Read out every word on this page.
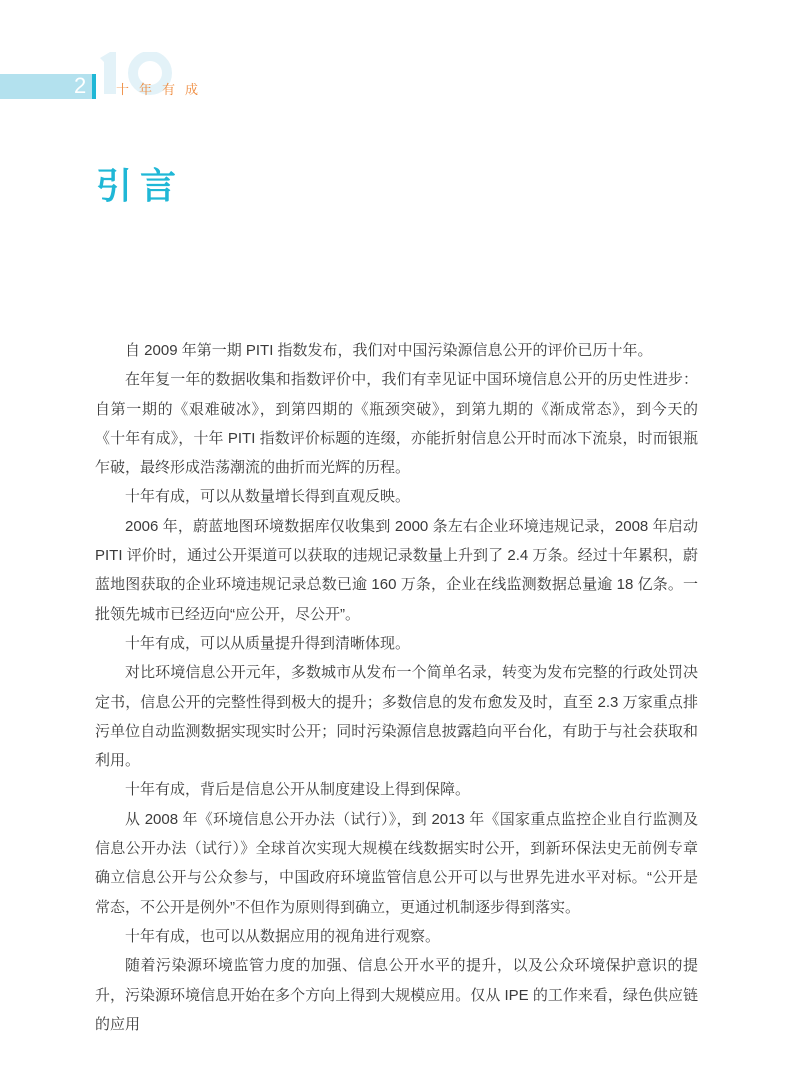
2 十年有成
引言

自 2009 年第一期 PITI 指数发布，我们对中国污染源信息公开的评价已历十年。

在年复一年的数据收集和指数评价中，我们有幸见证中国环境信息公开的历史性进步：自第一期的《艰难破冰》，到第四期的《瓶颈突破》，到第九期的《渐成常态》，到今天的《十年有成》，十年 PITI 指数评价标题的连缀，亦能折射信息公开时而冰下流泉，时而银瓶乍破，最终形成浩荡潮流的曲折而光辉的历程。

十年有成，可以从数量增长得到直观反映。

2006 年，蔚蓝地图环境数据库仅收集到 2000 条左右企业环境违规记录，2008 年启动 PITI 评价时，通过公开渠道可以获取的违规记录数量上升到了 2.4 万条。经过十年累积，蔚蓝地图获取的企业环境违规记录总数已逾 160 万条，企业在线监测数据总量逾 18 亿条。一批领先城市已经迈向“应公开，尽公开”。

十年有成，可以从质量提升得到清晰体现。

对比环境信息公开元年，多数城市从发布一个简单名录，转变为发布完整的行政处罚决定书，信息公开的完整性得到极大的提升；多数信息的发布愈发及时，直至 2.3 万家重点排污单位自动监测数据实现实时公开；同时污染源信息披露趋向平台化，有助于与社会获取和利用。

十年有成，背后是信息公开从制度建设上得到保障。

从 2008 年《环境信息公开办法（试行）》，到 2013 年《国家重点监控企业自行监测及信息公开办法（试行）》全球首次实现大规模在线数据实时公开，到新环保法史无前例专章确立信息公开与公众参与，中国政府环境监管信息公开可以与世界先进水平对标。“公开是常态，不公开是例外”不但作为原则得到确立，更通过机制逐步得到落实。

十年有成，也可以从数据应用的视角进行观察。

随着污染源环境监管力度的加强、信息公开水平的提升，以及公众环境保护意识的提升，污染源环境信息开始在多个方向上得到大规模应用。仅从 IPE 的工作来看，绿色供应链的应用
